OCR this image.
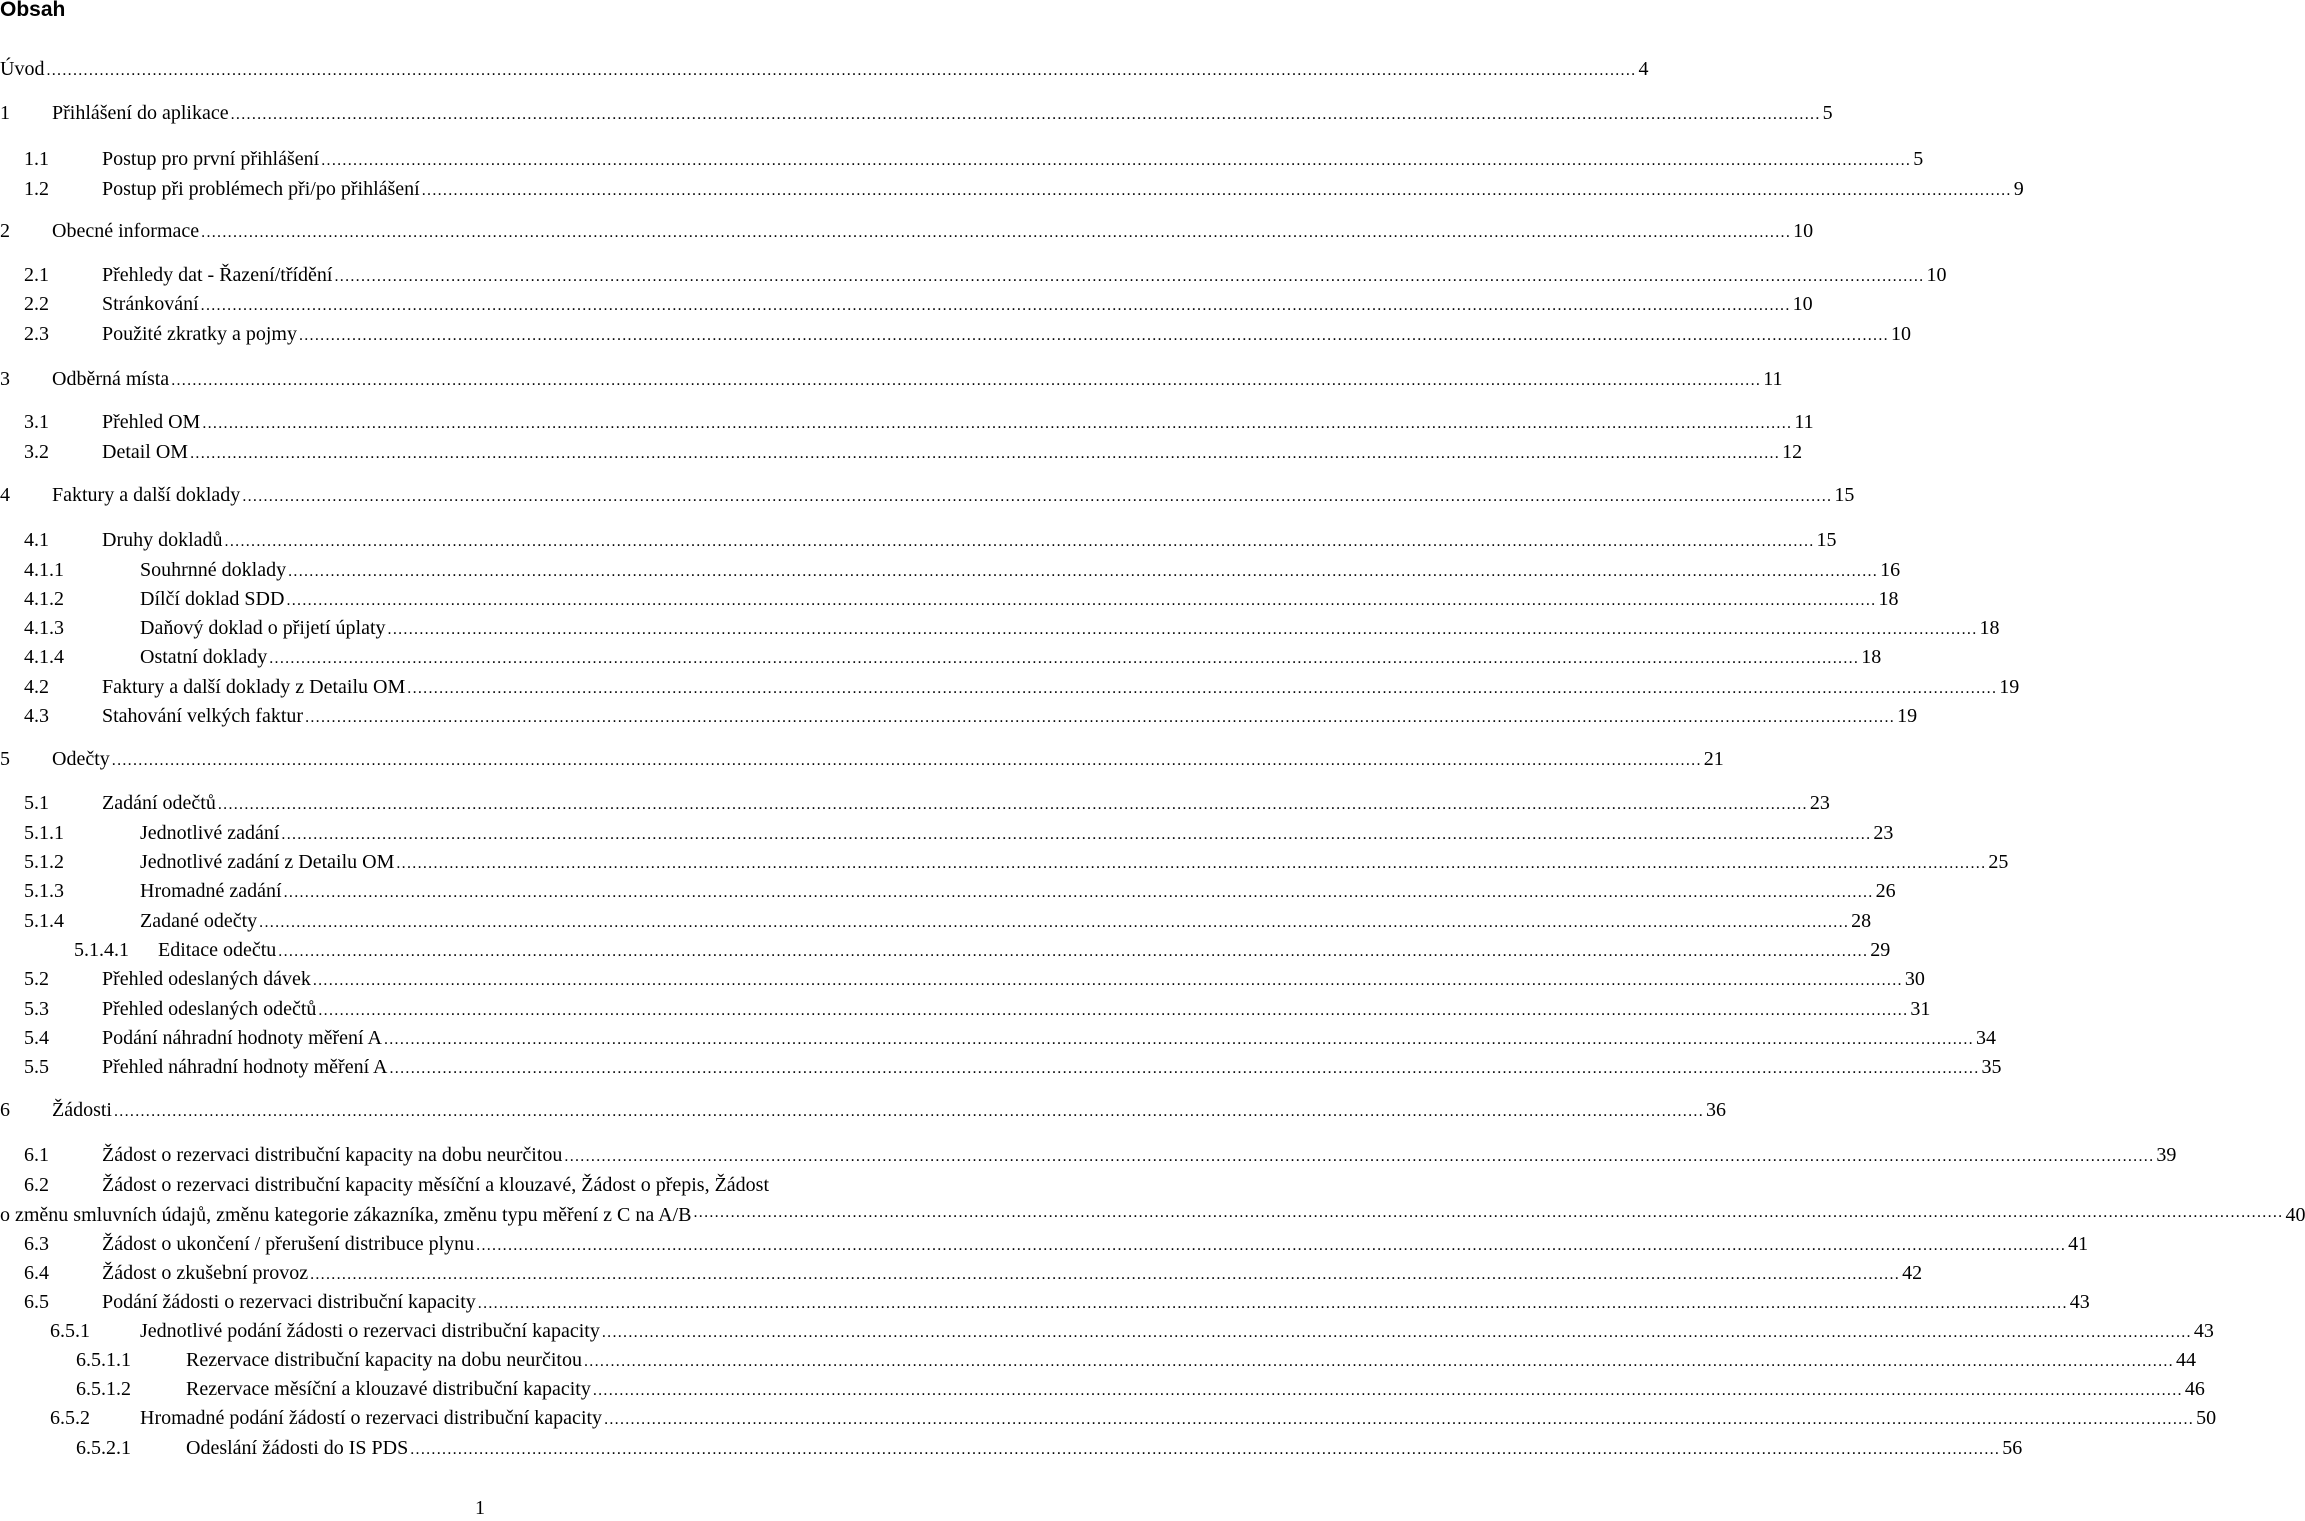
Obsah
Úvod ............................................................................................................................................................................................................................................................................................................ 4
1	Přihlášení do aplikace ............................................................................................................................................................................................................................................................................................................ 5
1.1	Postup pro první přihlášení ............................................................................................................................................................................................................................................................................................................ 5
1.2	Postup při problémech při/po přihlášení ............................................................................................................................................................................................................................................................................................................ 9
2	Obecné informace ............................................................................................................................................................................................................................................................................................................ 10
2.1	Přehledy dat - Řazení/třídění ............................................................................................................................................................................................................................................................................................................ 10
2.2	Stránkování ............................................................................................................................................................................................................................................................................................................ 10
2.3	Použité zkratky a pojmy ............................................................................................................................................................................................................................................................................................................ 10
3	Odběrná místa ............................................................................................................................................................................................................................................................................................................ 11
3.1	Přehled OM ............................................................................................................................................................................................................................................................................................................ 11
3.2	Detail OM ............................................................................................................................................................................................................................................................................................................ 12
4	Faktury a další doklady ............................................................................................................................................................................................................................................................................................................ 15
4.1	Druhy dokladů ............................................................................................................................................................................................................................................................................................................ 15
4.1.1	Souhrnné doklady ............................................................................................................................................................................................................................................................................................................ 16
4.1.2	Dílčí doklad SDD ............................................................................................................................................................................................................................................................................................................ 18
4.1.3	Daňový doklad o přijetí úplaty ............................................................................................................................................................................................................................................................................................................ 18
4.1.4	Ostatní doklady ............................................................................................................................................................................................................................................................................................................ 18
4.2	Faktury a další doklady z Detailu OM ............................................................................................................................................................................................................................................................................................................ 19
4.3	Stahování velkých faktur ............................................................................................................................................................................................................................................................................................................ 19
5	Odečty ............................................................................................................................................................................................................................................................................................................ 21
5.1	Zadání odečtů ............................................................................................................................................................................................................................................................................................................ 23
5.1.1	Jednotlivé zadání ............................................................................................................................................................................................................................................................................................................ 23
5.1.2	Jednotlivé zadání z Detailu OM ............................................................................................................................................................................................................................................................................................................ 25
5.1.3	Hromadné zadání ............................................................................................................................................................................................................................................................................................................ 26
5.1.4	Zadané odečty ............................................................................................................................................................................................................................................................................................................ 28
5.1.4.1	Editace odečtu ............................................................................................................................................................................................................................................................................................................ 29
5.2	Přehled odeslaných dávek ............................................................................................................................................................................................................................................................................................................ 30
5.3	Přehled odeslaných odečtů ............................................................................................................................................................................................................................................................................................................ 31
5.4	Podání náhradní hodnoty měření A ............................................................................................................................................................................................................................................................................................................ 34
5.5	Přehled náhradní hodnoty měření A ............................................................................................................................................................................................................................................................................................................ 35
6	Žádosti ............................................................................................................................................................................................................................................................................................................ 36
6.1	Žádost o rezervaci distribuční kapacity na dobu neurčitou ............................................................................................................................................................................................................................................................................................................ 39
6.2	Žádost o rezervaci distribuční kapacity měsíční a klouzavé, Žádost o přepis, Žádost
o změnu smluvních údajů, změnu kategorie zákazníka, změnu typu měření z C na A/B ............................................................................................................................................................................................................................................................................................................ 40
6.3	Žádost o ukončení / přerušení distribuce plynu ............................................................................................................................................................................................................................................................................................................ 41
6.4	Žádost o zkušební provoz ............................................................................................................................................................................................................................................................................................................ 42
6.5	Podání žádosti o rezervaci distribuční kapacity ............................................................................................................................................................................................................................................................................................................ 43
6.5.1	Jednotlivé podání žádosti o rezervaci distribuční kapacity ............................................................................................................................................................................................................................................................................................................ 43
6.5.1.1	Rezervace distribuční kapacity na dobu neurčitou ............................................................................................................................................................................................................................................................................................................ 44
6.5.1.2	Rezervace měsíční a klouzavé distribuční kapacity ............................................................................................................................................................................................................................................................................................................ 46
6.5.2	Hromadné podání žádostí o rezervaci distribuční kapacity ............................................................................................................................................................................................................................................................................................................ 50
6.5.2.1	Odeslání žádosti do IS PDS ............................................................................................................................................................................................................................................................................................................ 56
1
